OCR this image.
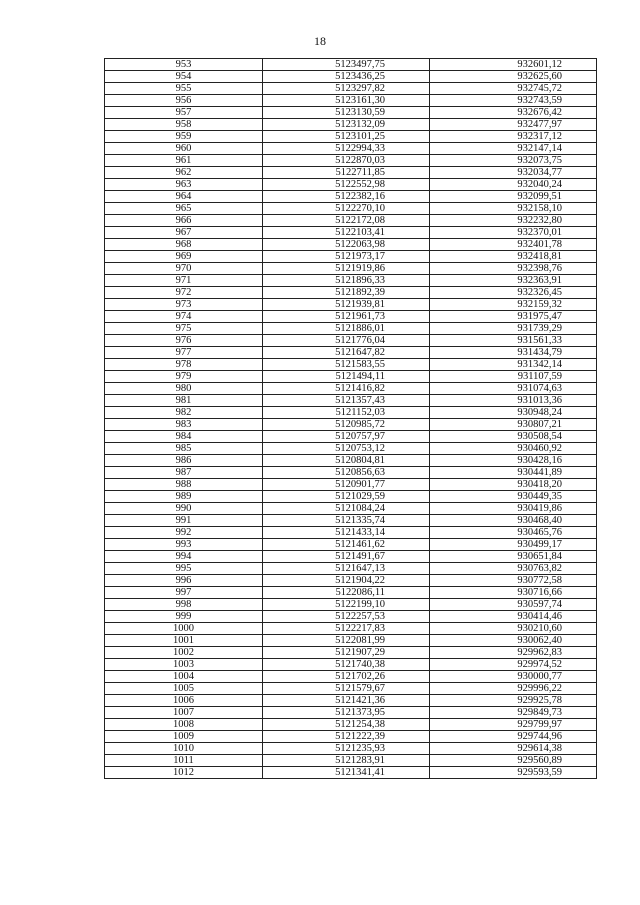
18
953	5123497,75	932601,12
954	5123436,25	932625,60
955	5123297,82	932745,72
956	5123161,30	932743,59
957	5123130,59	932676,42
958	5123132,09	932477,97
959	5123101,25	932317,12
960	5122994,33	932147,14
961	5122870,03	932073,75
962	5122711,85	932034,77
963	5122552,98	932040,24
964	5122382,16	932099,51
965	5122270,10	932158,10
966	5122172,08	932232,80
967	5122103,41	932370,01
968	5122063,98	932401,78
969	5121973,17	932418,81
970	5121919,86	932398,76
971	5121896,33	932363,91
972	5121892,39	932326,45
973	5121939,81	932159,32
974	5121961,73	931975,47
975	5121886,01	931739,29
976	5121776,04	931561,33
977	5121647,82	931434,79
978	5121583,55	931342,14
979	5121494,11	931107,59
980	5121416,82	931074,63
981	5121357,43	931013,36
982	5121152,03	930948,24
983	5120985,72	930807,21
984	5120757,97	930508,54
985	5120753,12	930460,92
986	5120804,81	930428,16
987	5120856,63	930441,89
988	5120901,77	930418,20
989	5121029,59	930449,35
990	5121084,24	930419,86
991	5121335,74	930468,40
992	5121433,14	930465,76
993	5121461,62	930499,17
994	5121491,67	930651,84
995	5121647,13	930763,82
996	5121904,22	930772,58
997	5122086,11	930716,66
998	5122199,10	930597,74
999	5122257,53	930414,46
1000	5122217,83	930210,60
1001	5122081,99	930062,40
1002	5121907,29	929962,83
1003	5121740,38	929974,52
1004	5121702,26	930000,77
1005	5121579,67	929996,22
1006	5121421,36	929925,78
1007	5121373,95	929849,73
1008	5121254,38	929799,97
1009	5121222,39	929744,96
1010	5121235,93	929614,38
1011	5121283,91	929560,89
1012	5121341,41	929593,59
